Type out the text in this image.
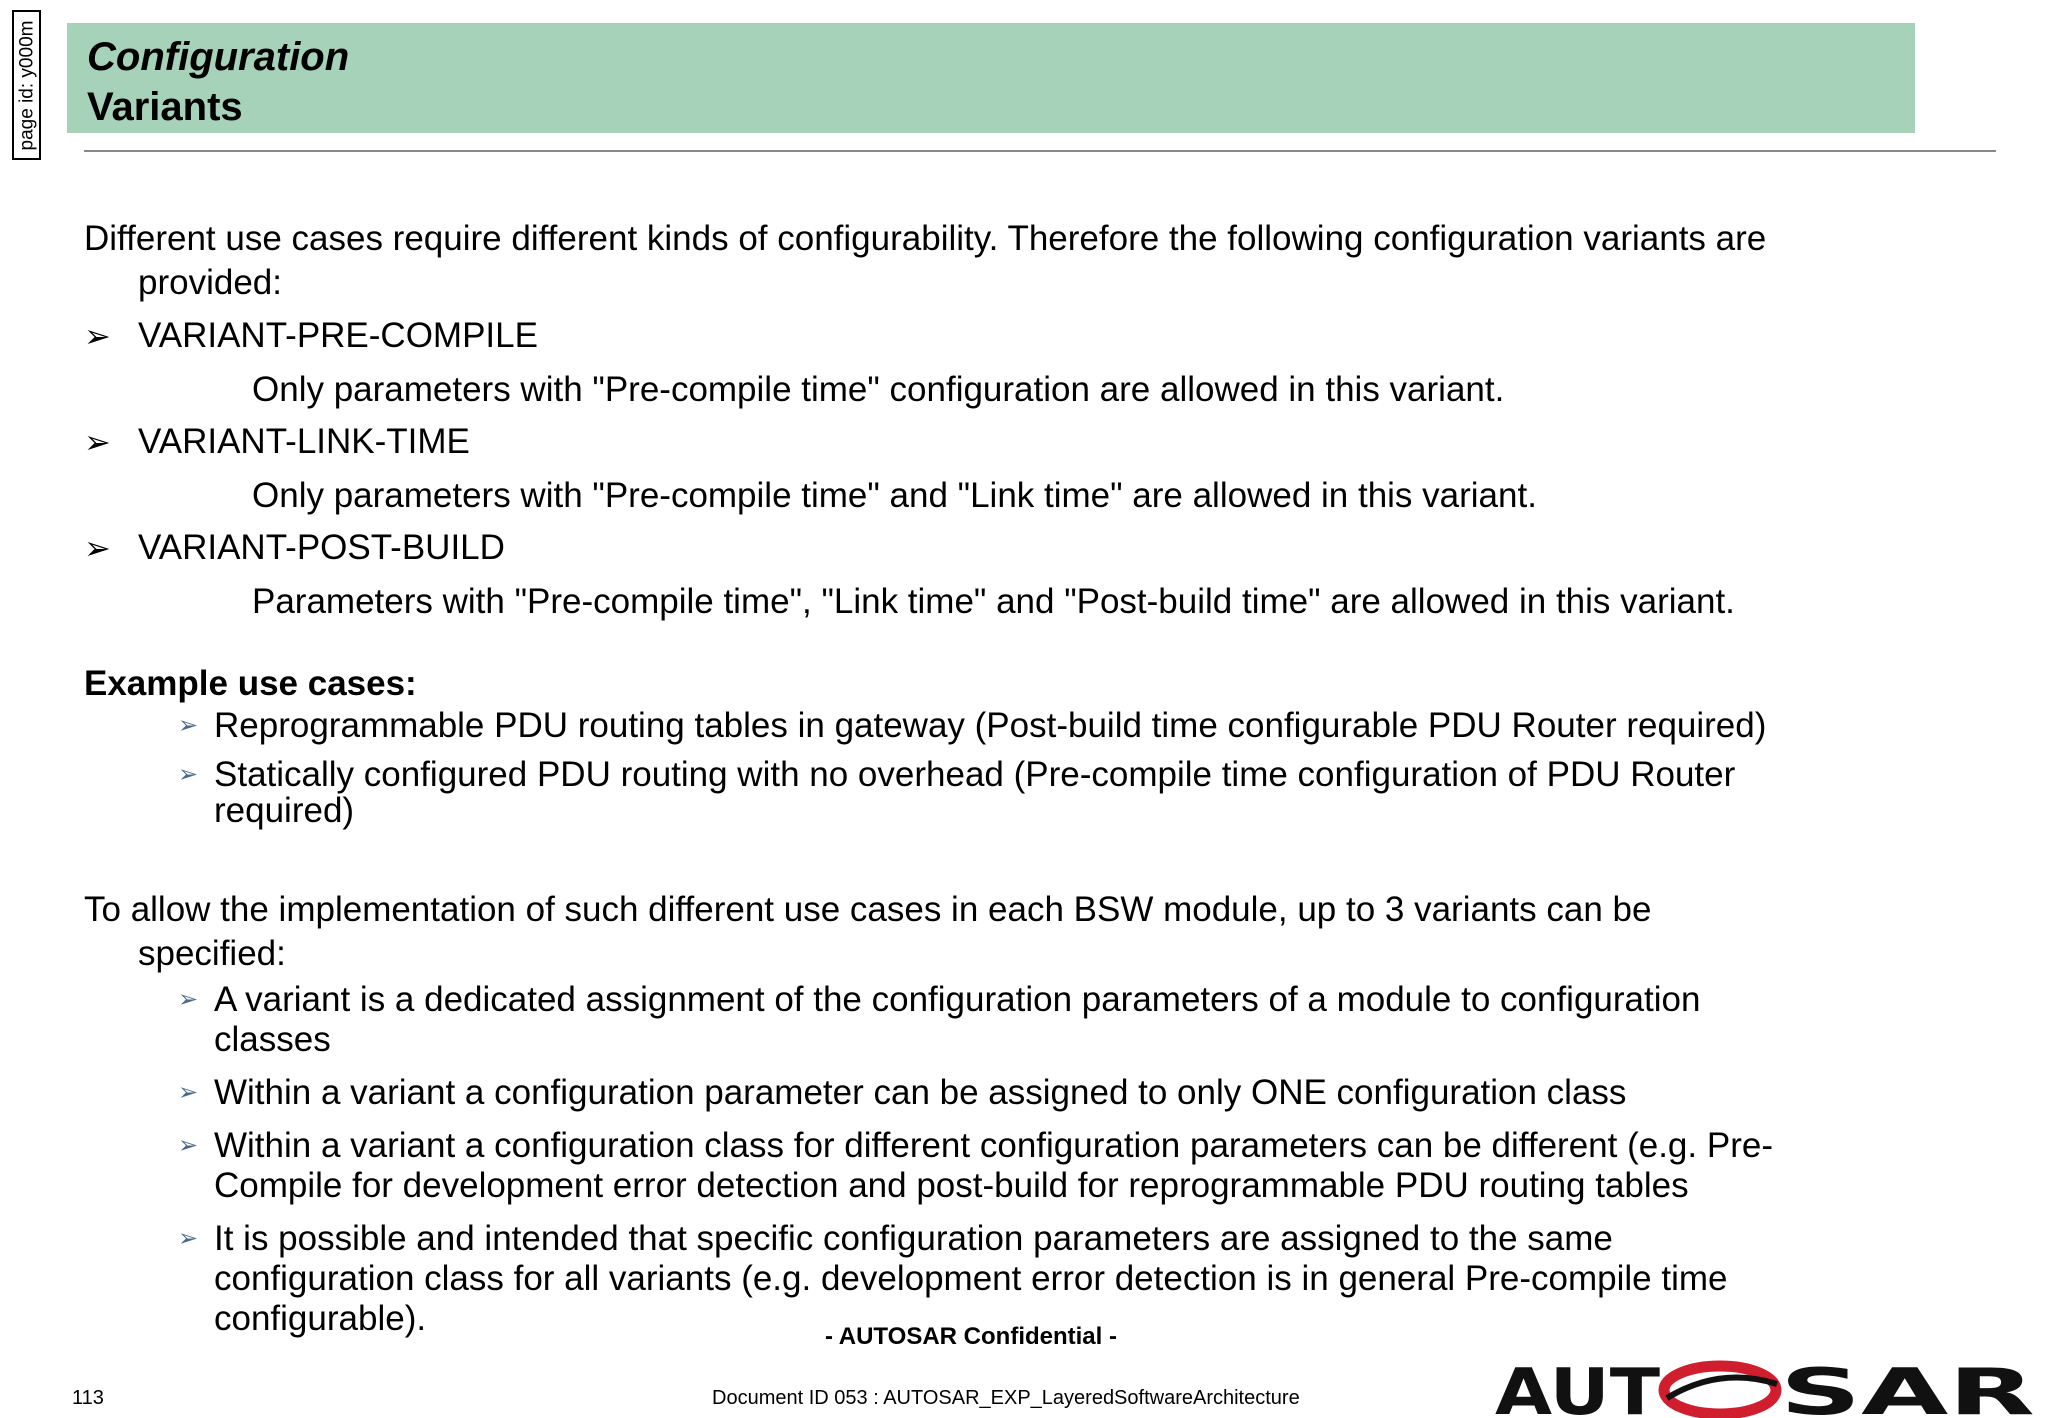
page id: y000m Configuration
Variants
Different use cases require different kinds of configurability. Therefore the following configuration variants are
provided:
➢ VARIANT-PRE-COMPILE
Only parameters with "Pre-compile time" configuration are allowed in this variant.
➢ VARIANT-LINK-TIME
Only parameters with "Pre-compile time" and "Link time" are allowed in this variant.
➢ VARIANT-POST-BUILD
Parameters with "Pre-compile time", "Link time" and "Post-build time" are allowed in this variant.
Example use cases:
➢ Reprogrammable PDU routing tables in gateway (Post-build time configurable PDU Router required)
➢ Statically configured PDU routing with no overhead (Pre-compile time configuration of PDU Router
required)
To allow the implementation of such different use cases in each BSW module, up to 3 variants can be
specified:
➢ A variant is a dedicated assignment of the configuration parameters of a module to configuration
classes
➢ Within a variant a configuration parameter can be assigned to only ONE configuration class
➢ Within a variant a configuration class for different configuration parameters can be different (e.g. Pre-
Compile for development error detection and post-build for reprogrammable PDU routing tables
➢ It is possible and intended that specific configuration parameters are assigned to the same
configuration class for all variants (e.g. development error detection is in general Pre-compile time
configurable).	- AUTOSAR Confidential -
113	Document ID 053 : AUTOSAR_EXP_LayeredSoftwareArchitecture	AUT SAR
